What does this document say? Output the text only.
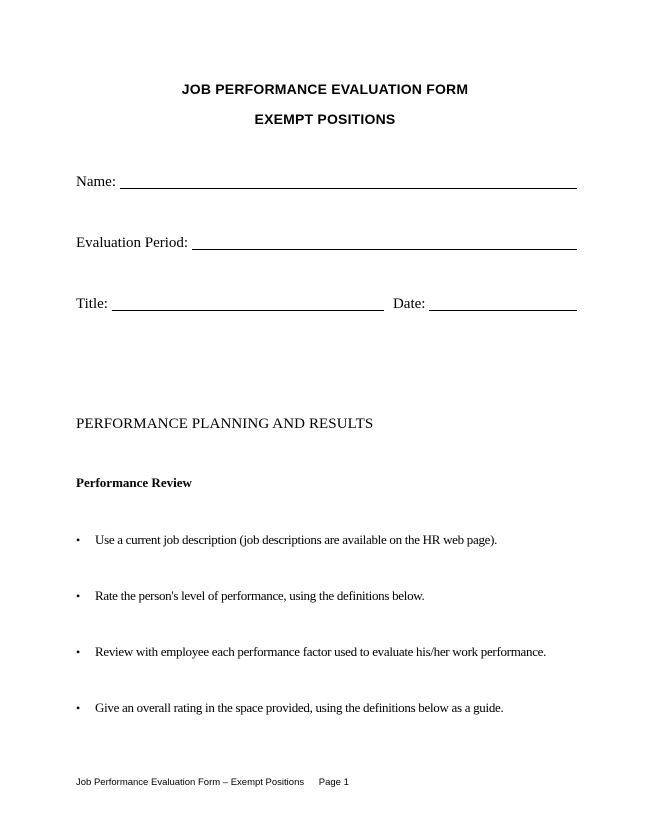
JOB PERFORMANCE EVALUATION FORM
EXEMPT POSITIONS
Name:
Evaluation Period:
Title:	Date:
PERFORMANCE PLANNING AND RESULTS
Performance Review
•	Use a current job description (job descriptions are available on the HR web page).
•	Rate the person's level of performance, using the definitions below.
•	Review with employee each performance factor used to evaluate his/her work performance.
•	Give an overall rating in the space provided, using the definitions below as a guide.
Job Performance Evaluation Form – Exempt Positions Page 1
